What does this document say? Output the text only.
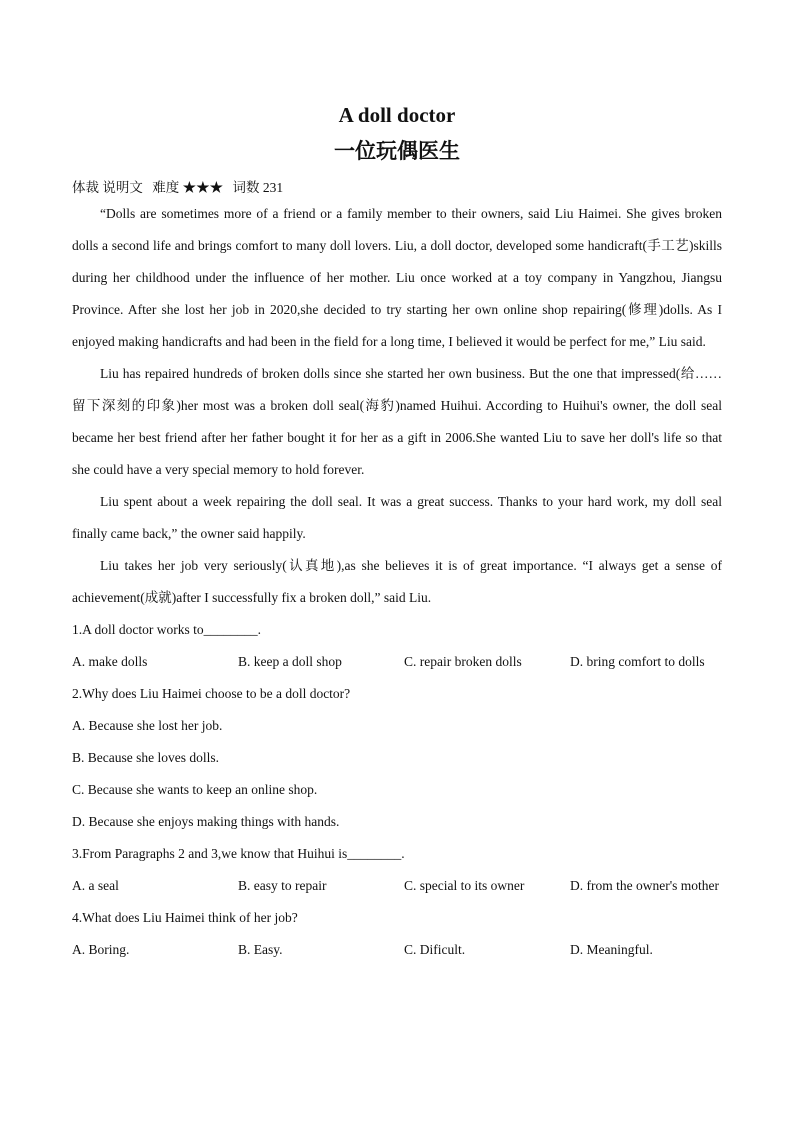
A doll doctor
一位玩偶医生
体裁 说明文 难度 ★★★ 词数 231

“Dolls are sometimes more of a friend or a family member to their owners, said Liu Haimei. She gives broken dolls a second life and brings comfort to many doll lovers. Liu, a doll doctor, developed some handicraft(手工艺)skills during her childhood under the influence of her mother. Liu once worked at a toy company in Yangzhou, Jiangsu Province. After she lost her job in 2020,she decided to try starting her own online shop repairing(修理)dolls. As I enjoyed making handicrafts and had been in the field for a long time, I believed it would be perfect for me,” Liu said.

Liu has repaired hundreds of broken dolls since she started her own business. But the one that impressed(给……留下深刻的印象)her most was a broken doll seal(海豹)named Huihui. According to Huihui's owner, the doll seal became her best friend after her father bought it for her as a gift in 2006.She wanted Liu to save her doll's life so that she could have a very special memory to hold forever.

Liu spent about a week repairing the doll seal. It was a great success. Thanks to your hard work, my doll seal finally came back,” the owner said happily.

Liu takes her job very seriously(认真地),as she believes it is of great importance. “I always get a sense of achievement(成就)after I successfully fix a broken doll,” said Liu.

1.A doll doctor works to________.
A. make dolls	B. keep a doll shop	C. repair broken dolls	D. bring comfort to dolls
2.Why does Liu Haimei choose to be a doll doctor?
A. Because she lost her job.
B. Because she loves dolls.
C. Because she wants to keep an online shop.
D. Because she enjoys making things with hands.
3.From Paragraphs 2 and 3,we know that Huihui is________.
A. a seal	B. easy to repair	C. special to its owner	D. from the owner's mother
4.What does Liu Haimei think of her job?
A. Boring.	B. Easy.	C. Dificult.	D. Meaningful.
